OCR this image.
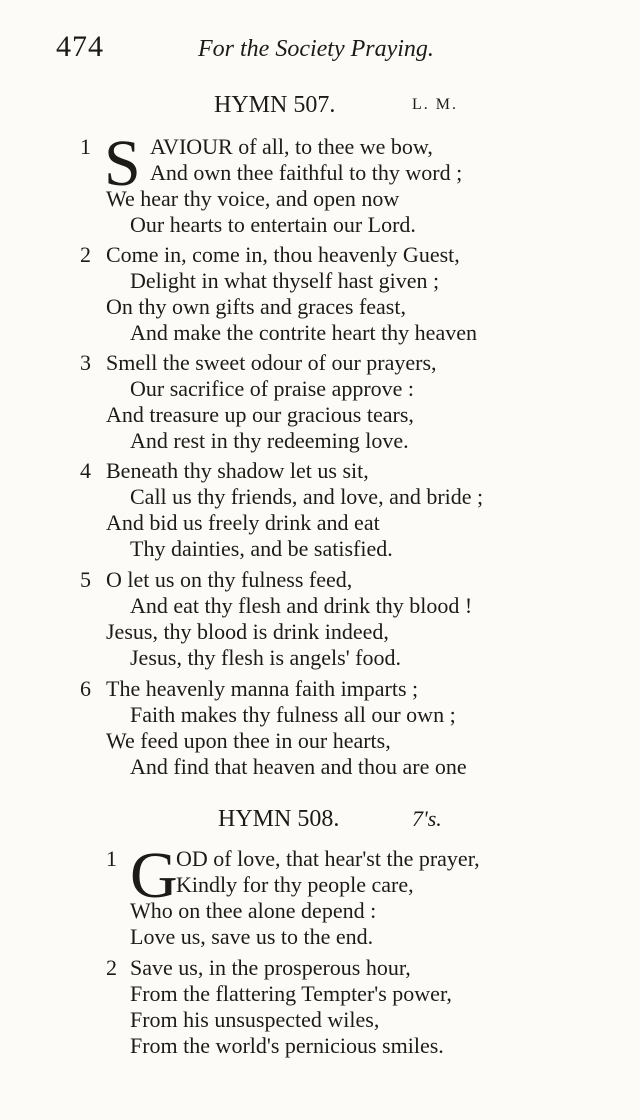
474	For the Society Praying.
HYMN 507.	L. M.
1 S AVIOUR of all, to thee we bow,
And own thee faithful to thy word ;
We hear thy voice, and open now
Our hearts to entertain our Lord.
2 Come in, come in, thou heavenly Guest,
Delight in what thyself hast given ;
On thy own gifts and graces feast,
And make the contrite heart thy heaven
3 Smell the sweet odour of our prayers,
Our sacrifice of praise approve :
And treasure up our gracious tears,
And rest in thy redeeming love.
4 Beneath thy shadow let us sit,
Call us thy friends, and love, and bride ;
And bid us freely drink and eat
Thy dainties, and be satisfied.
5 O let us on thy fulness feed,
And eat thy flesh and drink thy blood !
Jesus, thy blood is drink indeed,
Jesus, thy flesh is angels' food.
6 The heavenly manna faith imparts ;
Faith makes thy fulness all our own ;
We feed upon thee in our hearts,
And find that heaven and thou are one
HYMN 508.	7's.
1 G
OD of love, that hear'st the prayer,
Kindly for thy people care,
Who on thee alone depend :
Love us, save us to the end.
2 Save us, in the prosperous hour,
From the flattering Tempter's power,
From his unsuspected wiles,
From the world's pernicious smiles.
